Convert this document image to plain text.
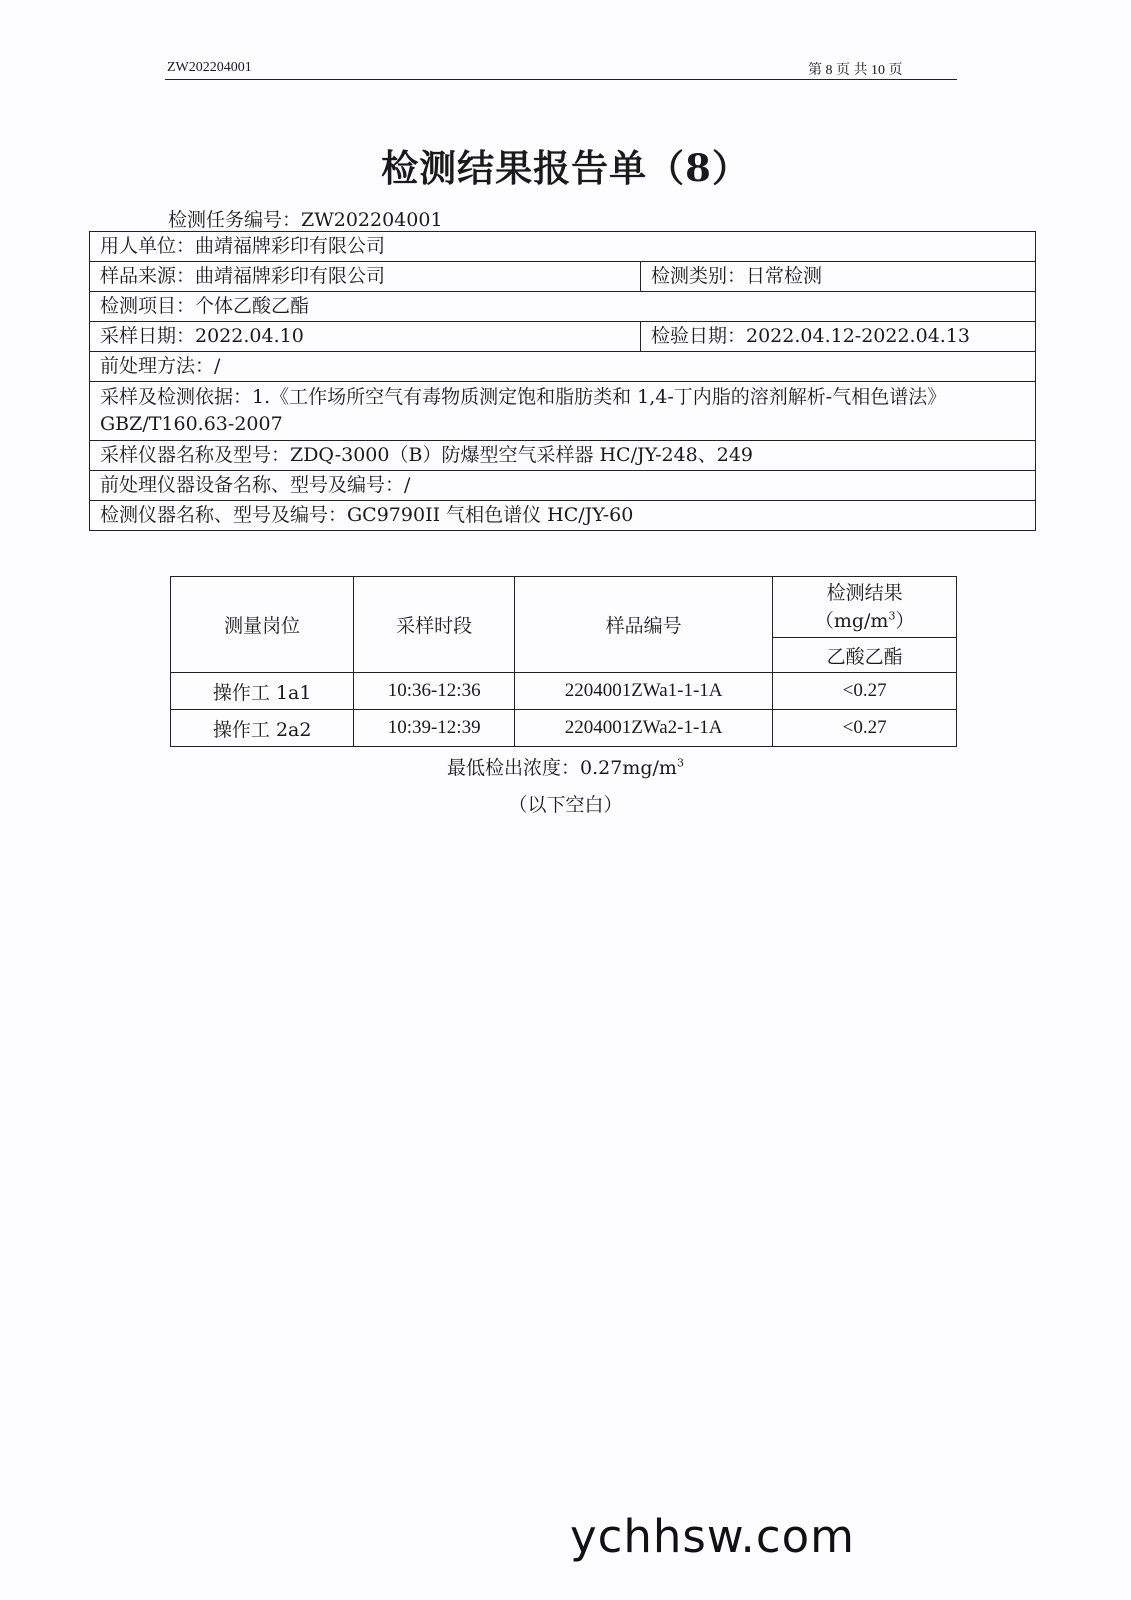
ZW202204001	第 8 页 共 10 页
检测结果报告单（8）
检测任务编号：ZW202204001
用人单位：曲靖福牌彩印有限公司	
样品来源：曲靖福牌彩印有限公司	检测类别：日常检测
检测项目：个体乙酸乙酯	
采样日期：2022.04.10	检验日期：2022.04.12-2022.04.13
前处理方法：/	
采样及检测依据：1.《工作场所空气有毒物质测定饱和脂肪类和 1,4-丁内脂的溶剂解析-气相色谱法》GBZ/T160.63-2007	
采样仪器名称及型号：ZDQ-3000（B）防爆型空气采样器 HC/JY-248、249	
前处理仪器设备名称、型号及编号：/	
检测仪器名称、型号及编号：GC9790II 气相色谱仪 HC/JY-60	
测量岗位	采样时段	样品编号	检测结果
$(mg/m^3)$
			乙酸乙酯
操作工 1a1	10:36-12:36	2204001ZWa1-1-1A	<0.27
操作工 2a2	10:39-12:39	2204001ZWa2-1-1A	<0.27
最低检出浓度：$0.27mg/m^3$
（以下空白）
ychhsw.com
